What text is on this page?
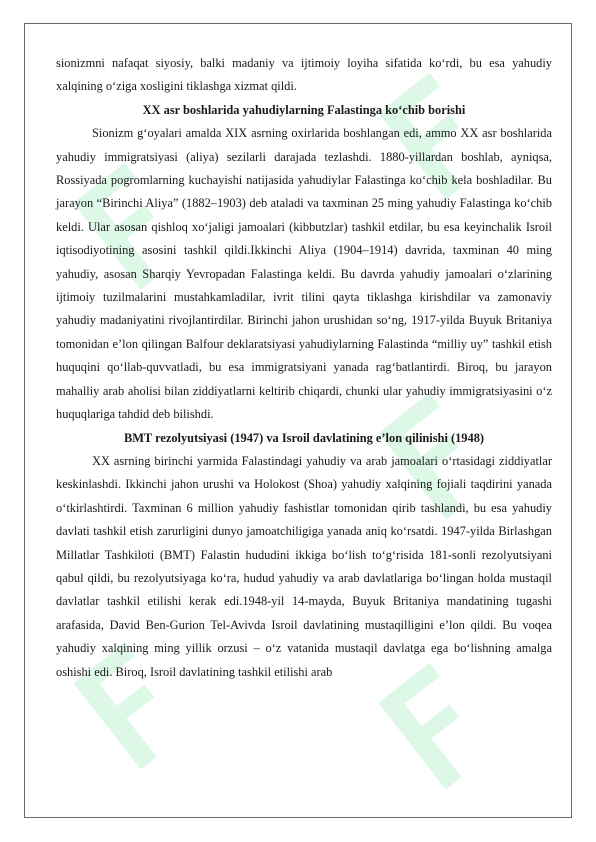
sionizmni nafaqat siyosiy, balki madaniy va ijtimoiy loyiha sifatida koʻrdi, bu esa yahudiy xalqining oʻziga xosligini tiklashga xizmat qildi.

XX asr boshlarida yahudiylarning Falastinga koʻchib borishi

Sionizm gʻoyalari amalda XIX asrning oxirlarida boshlangan edi, ammo XX asr boshlarida yahudiy immigratsiyasi (aliya) sezilarli darajada tezlashdi. 1880-yillardan boshlab, ayniqsa, Rossiyada pogromlarning kuchayishi natijasida yahudiylar Falastinga koʻchib kela boshladilar. Bu jarayon “Birinchi Aliya” (1882–1903) deb ataladi va taxminan 25 ming yahudiy Falastinga koʻchib keldi. Ular asosan qishloq xoʻjaligi jamoalari (kibbutzlar) tashkil etdilar, bu esa keyinchalik Isroil iqtisodiyotining asosini tashkil qildi.Ikkinchi Aliya (1904–1914) davrida, taxminan 40 ming yahudiy, asosan Sharqiy Yevropadan Falastinga keldi. Bu davrda yahudiy jamoalari oʻzlarining ijtimoiy tuzilmalarini mustahkamladilar, ivrit tilini qayta tiklashga kirishdilar va zamonaviy yahudiy madaniyatini rivojlantirdilar. Birinchi jahon urushidan soʻng, 1917-yilda Buyuk Britaniya tomonidan e’lon qilingan Balfour deklaratsiyasi yahudiylarning Falastinda “milliy uy” tashkil etish huquqini qoʻllab-quvvatladi, bu esa immigratsiyani yanada ragʻbatlantirdi. Biroq, bu jarayon mahalliy arab aholisi bilan ziddiyatlarni keltirib chiqardi, chunki ular yahudiy immigratsiyasini oʻz huquqlariga tahdid deb bilishdi.

BMT rezolyutsiyasi (1947) va Isroil davlatining e’lon qilinishi (1948)

XX asrning birinchi yarmida Falastindagi yahudiy va arab jamoalari oʻrtasidagi ziddiyatlar keskinlashdi. Ikkinchi jahon urushi va Holokost (Shoa) yahudiy xalqining fojiali taqdirini yanada oʻtkirlashtirdi. Taxminan 6 million yahudiy fashistlar tomonidan qirib tashlandi, bu esa yahudiy davlati tashkil etish zarurligini dunyo jamoatchiligiga yanada aniq koʻrsatdi. 1947-yilda Birlashgan Millatlar Tashkiloti (BMT) Falastin hududini ikkiga boʻlish toʻgʻrisida 181-sonli rezolyutsiyani qabul qildi, bu rezolyutsiyaga koʻra, hudud yahudiy va arab davlatlariga boʻlingan holda mustaqil davlatlar tashkil etilishi kerak edi.1948-yil 14-mayda, Buyuk Britaniya mandatining tugashi arafasida, David Ben-Gurion Tel-Avivda Isroil davlatining mustaqilligini e’lon qildi. Bu voqea yahudiy xalqining ming yillik orzusi – oʻz vatanida mustaqil davlatga ega boʻlishning amalga oshishi edi. Biroq, Isroil davlatining tashkil etilishi arab
